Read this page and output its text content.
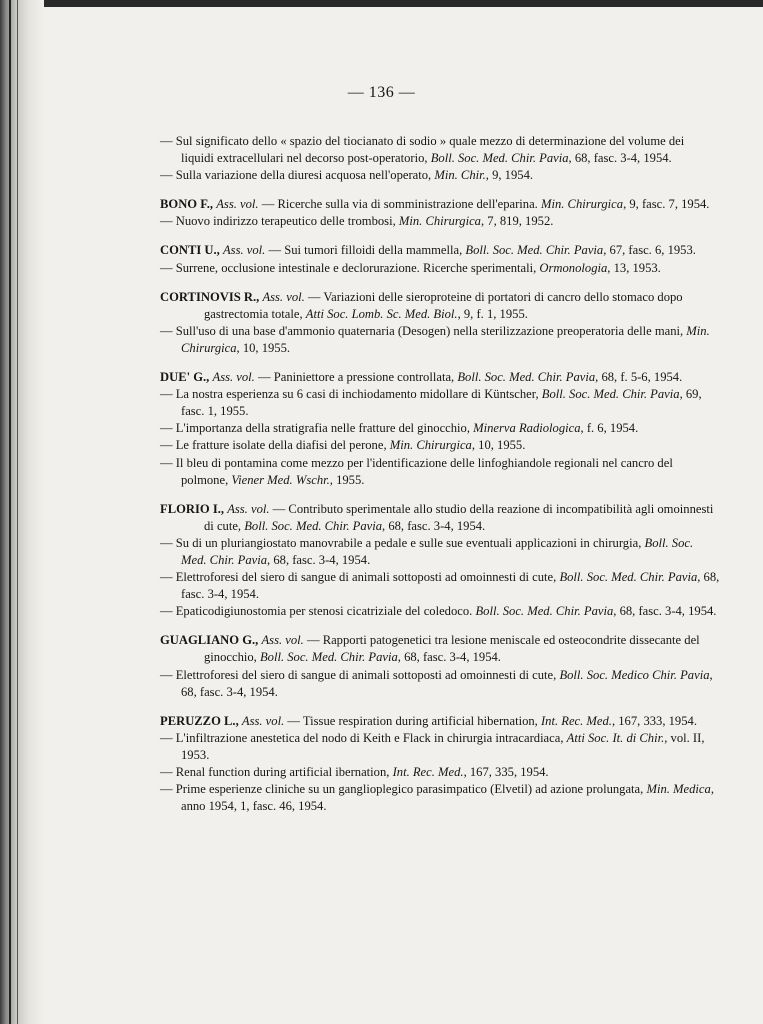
— 136 —

— Sul significato dello « spazio del tiocianato di sodio » quale mezzo di determinazione del volume dei liquidi extracellulari nel decorso post-operatorio, Boll. Soc. Med. Chir. Pavia, 68, fasc. 3-4, 1954.

— Sulla variazione della diuresi acquosa nell'operato, Min. Chir., 9, 1954.

BONO F., Ass. vol. — Ricerche sulla via di somministrazione dell'eparina. Min. Chirurgica, 9, fasc. 7, 1954.

— Nuovo indirizzo terapeutico delle trombosi, Min. Chirurgica, 7, 819, 1952.

CONTI U., Ass. vol. — Sui tumori filloidi della mammella, Boll. Soc. Med. Chir. Pavia, 67, fasc. 6, 1953.

— Surrene, occlusione intestinale e declorurazione. Ricerche sperimentali, Ormonologia, 13, 1953.

CORTINOVIS R., Ass. vol. — Variazioni delle sieroproteine di portatori di cancro dello stomaco dopo gastrectomia totale, Atti Soc. Lomb. Sc. Med. Biol., 9, f. 1, 1955.

— Sull'uso di una base d'ammonio quaternaria (Desogen) nella sterilizzazione preoperatoria delle mani, Min. Chirurgica, 10, 1955.

DUE' G., Ass. vol. — Paniniettore a pressione controllata, Boll. Soc. Med. Chir. Pavia, 68, f. 5-6, 1954.

— La nostra esperienza su 6 casi di inchiodamento midollare di Küntscher, Boll. Soc. Med. Chir. Pavia, 69, fasc. 1, 1955.

— L'importanza della stratigrafia nelle fratture del ginocchio, Minerva Radiologica, f. 6, 1954.

— Le fratture isolate della diafisi del perone, Min. Chirurgica, 10, 1955.

— Il bleu di pontamina come mezzo per l'identificazione delle linfoghiandole regionali nel cancro del polmone, Viener Med. Wschr., 1955.

FLORIO I., Ass. vol. — Contributo sperimentale allo studio della reazione di incompatibilità agli omoinnesti di cute, Boll. Soc. Med. Chir. Pavia, 68, fasc. 3-4, 1954.

— Su di un pluriangiostato manovrabile a pedale e sulle sue eventuali applicazioni in chirurgia, Boll. Soc. Med. Chir. Pavia, 68, fasc. 3-4, 1954.

— Elettroforesi del siero di sangue di animali sottoposti ad omoinnesti di cute, Boll. Soc. Med. Chir. Pavia, 68, fasc. 3-4, 1954.

— Epaticodigiunostomia per stenosi cicatriziale del coledoco. Boll. Soc. Med. Chir. Pavia, 68, fasc. 3-4, 1954.

GUAGLIANO G., Ass. vol. — Rapporti patogenetici tra lesione meniscale ed osteocondrite dissecante del ginocchio, Boll. Soc. Med. Chir. Pavia, 68, fasc. 3-4, 1954.

— Elettroforesi del siero di sangue di animali sottoposti ad omoinnesti di cute, Boll. Soc. Medico Chir. Pavia, 68, fasc. 3-4, 1954.

PERUZZO L., Ass. vol. — Tissue respiration during artificial hibernation, Int. Rec. Med., 167, 333, 1954.

— L'infiltrazione anestetica del nodo di Keith e Flack in chirurgia intracardiaca, Atti Soc. It. di Chir., vol. II, 1953.

— Renal function during artificial ibernation, Int. Rec. Med., 167, 335, 1954.

— Prime esperienze cliniche su un ganglioplegico parasimpatico (Elvetil) ad azione prolungata, Min. Medica, anno 1954, 1, fasc. 46, 1954.
